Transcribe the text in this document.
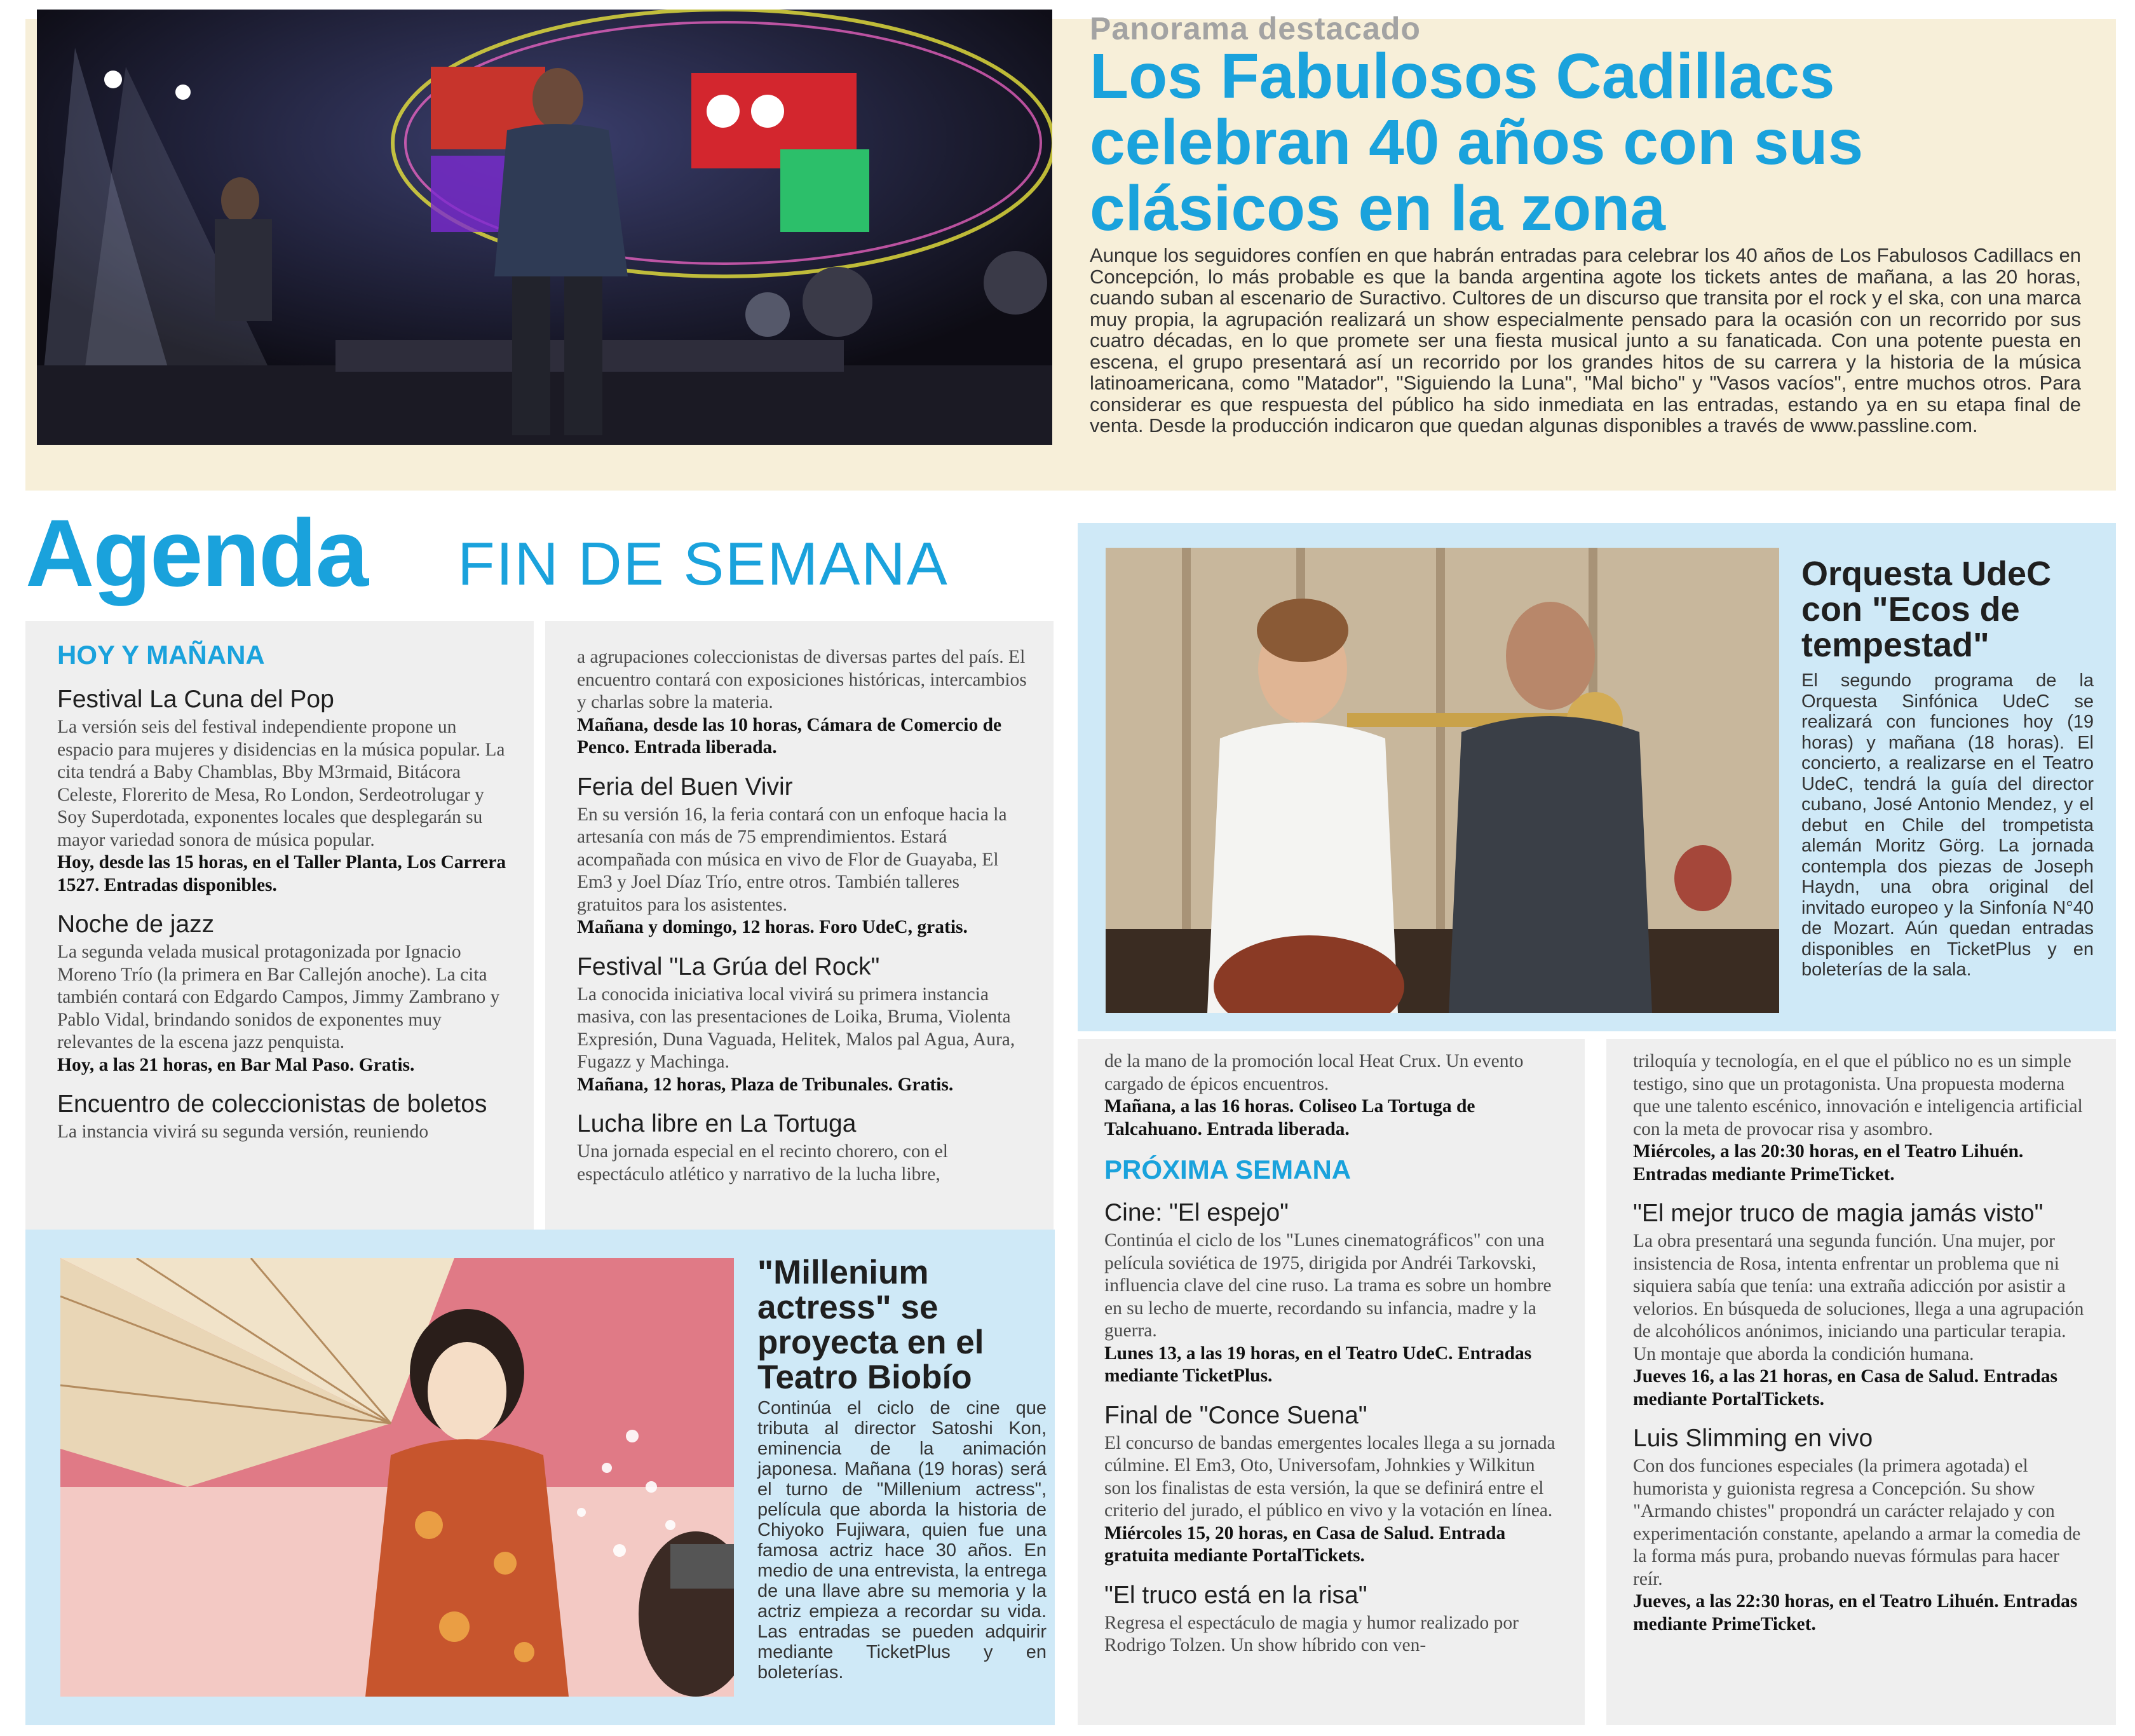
Panorama destacado
Los Fabulosos Cadillacs celebran 40 años con sus clásicos en la zona
Aunque los seguidores confíen en que habrán entradas para celebrar los 40 años de Los Fabulosos Cadillacs en Concepción, lo más probable es que la banda argentina agote los tickets antes de mañana, a las 20 horas, cuando suban al escenario de Suractivo. Cultores de un discurso que transita por el rock y el ska, con una marca muy propia, la agrupación realizará un show especialmente pensado para la ocasión con un recorrido por sus cuatro décadas, en lo que promete ser una fiesta musical junto a su fanaticada. Con una potente puesta en escena, el grupo presentará así un recorrido por los grandes hitos de su carrera y la historia de la música latinoamericana, como "Matador", "Siguiendo la Luna", "Mal bicho" y "Vasos vacíos", entre muchos otros. Para considerar es que respuesta del público ha sido inmediata en las entradas, estando ya en su etapa final de venta. Desde la producción indicaron que quedan algunas disponibles a través de www.passline.com.
Agenda FIN DE SEMANA
HOY Y MAÑANA
Festival La Cuna del Pop
La versión seis del festival independiente propone un espacio para mujeres y disidencias en la música popular. La cita tendrá a Baby Chamblas, Bby M3rmaid, Bitácora Celeste, Florerito de Mesa, Ro London, Serdeotrolugar y Soy Superdotada, exponentes locales que desplegarán su mayor variedad sonora de música popular.
Hoy, desde las 15 horas, en el Taller Planta, Los Carrera 1527. Entradas disponibles.
Noche de jazz
La segunda velada musical protagonizada por Ignacio Moreno Trío (la primera en Bar Callejón anoche). La cita también contará con Edgardo Campos, Jimmy Zambrano y Pablo Vidal, brindando sonidos de exponentes muy relevantes de la escena jazz penquista.
Hoy, a las 21 horas, en Bar Mal Paso. Gratis.
Encuentro de coleccionistas de boletos
La instancia vivirá su segunda versión, reuniendo
a agrupaciones coleccionistas de diversas partes del país. El encuentro contará con exposiciones históricas, intercambios y charlas sobre la materia.
Mañana, desde las 10 horas, Cámara de Comercio de Penco. Entrada liberada.
Feria del Buen Vivir
En su versión 16, la feria contará con un enfoque hacia la artesanía con más de 75 emprendimientos. Estará acompañada con música en vivo de Flor de Guayaba, El Em3 y Joel Díaz Trío, entre otros. También talleres gratuitos para los asistentes.
Mañana y domingo, 12 horas. Foro UdeC, gratis.
Festival "La Grúa del Rock"
La conocida iniciativa local vivirá su primera instancia masiva, con las presentaciones de Loika, Bruma, Violenta Expresión, Duna Vaguada, Helitek, Malos pal Agua, Aura, Fugazz y Machinga.
Mañana, 12 horas, Plaza de Tribunales. Gratis.
Lucha libre en La Tortuga
Una jornada especial en el recinto chorero, con el espectáculo atlético y narrativo de la lucha libre,
"Millenium actress" se proyecta en el Teatro Biobío
Continúa el ciclo de cine que tributa al director Satoshi Kon, eminencia de la animación japonesa. Mañana (19 horas) será el turno de "Millenium actress", película que aborda la historia de Chiyoko Fujiwara, quien fue una famosa actriz hace 30 años. En medio de una entrevista, la entrega de una llave abre su memoria y la actriz empieza a recordar su vida. Las entradas se pueden adquirir mediante TicketPlus y en boleterías.
Orquesta UdeC con "Ecos de tempestad"
El segundo programa de la Orquesta Sinfónica UdeC se realizará con funciones hoy (19 horas) y mañana (18 horas). El concierto, a realizarse en el Teatro UdeC, tendrá la guía del director cubano, José Antonio Mendez, y el debut en Chile del trompetista alemán Moritz Görg. La jornada contempla dos piezas de Joseph Haydn, una obra original del invitado europeo y la Sinfonía N°40 de Mozart. Aún quedan entradas disponibles en TicketPlus y en boleterías de la sala.
de la mano de la promoción local Heat Crux. Un evento cargado de épicos encuentros.
Mañana, a las 16 horas. Coliseo La Tortuga de Talcahuano. Entrada liberada.
PRÓXIMA SEMANA
Cine: "El espejo"
Continúa el ciclo de los "Lunes cinematográficos" con una película soviética de 1975, dirigida por Andréi Tarkovski, influencia clave del cine ruso. La trama es sobre un hombre en su lecho de muerte, recordando su infancia, madre y la guerra.
Lunes 13, a las 19 horas, en el Teatro UdeC. Entradas mediante TicketPlus.
Final de "Conce Suena"
El concurso de bandas emergentes locales llega a su jornada cúlmine. El Em3, Oto, Universofam, Johnkies y Wilkitun son los finalistas de esta versión, la que se definirá entre el criterio del jurado, el público en vivo y la votación en línea.
Miércoles 15, 20 horas, en Casa de Salud. Entrada gratuita mediante PortalTickets.
"El truco está en la risa"
Regresa el espectáculo de magia y humor realizado por Rodrigo Tolzen. Un show híbrido con ven-
triloquía y tecnología, en el que el público no es un simple testigo, sino que un protagonista. Una propuesta moderna que une talento escénico, innovación e inteligencia artificial con la meta de provocar risa y asombro.
Miércoles, a las 20:30 horas, en el Teatro Lihuén. Entradas mediante PrimeTicket.
"El mejor truco de magia jamás visto"
La obra presentará una segunda función. Una mujer, por insistencia de Rosa, intenta enfrentar un problema que ni siquiera sabía que tenía: una extraña adicción por asistir a velorios. En búsqueda de soluciones, llega a una agrupación de alcohólicos anónimos, iniciando una particular terapia. Un montaje que aborda la condición humana.
Jueves 16, a las 21 horas, en Casa de Salud. Entradas mediante PortalTickets.
Luis Slimming en vivo
Con dos funciones especiales (la primera agotada) el humorista y guionista regresa a Concepción. Su show "Armando chistes" propondrá un carácter relajado y con experimentación constante, apelando a armar la comedia de la forma más pura, probando nuevas fórmulas para hacer reír.
Jueves, a las 22:30 horas, en el Teatro Lihuén. Entradas mediante PrimeTicket.
